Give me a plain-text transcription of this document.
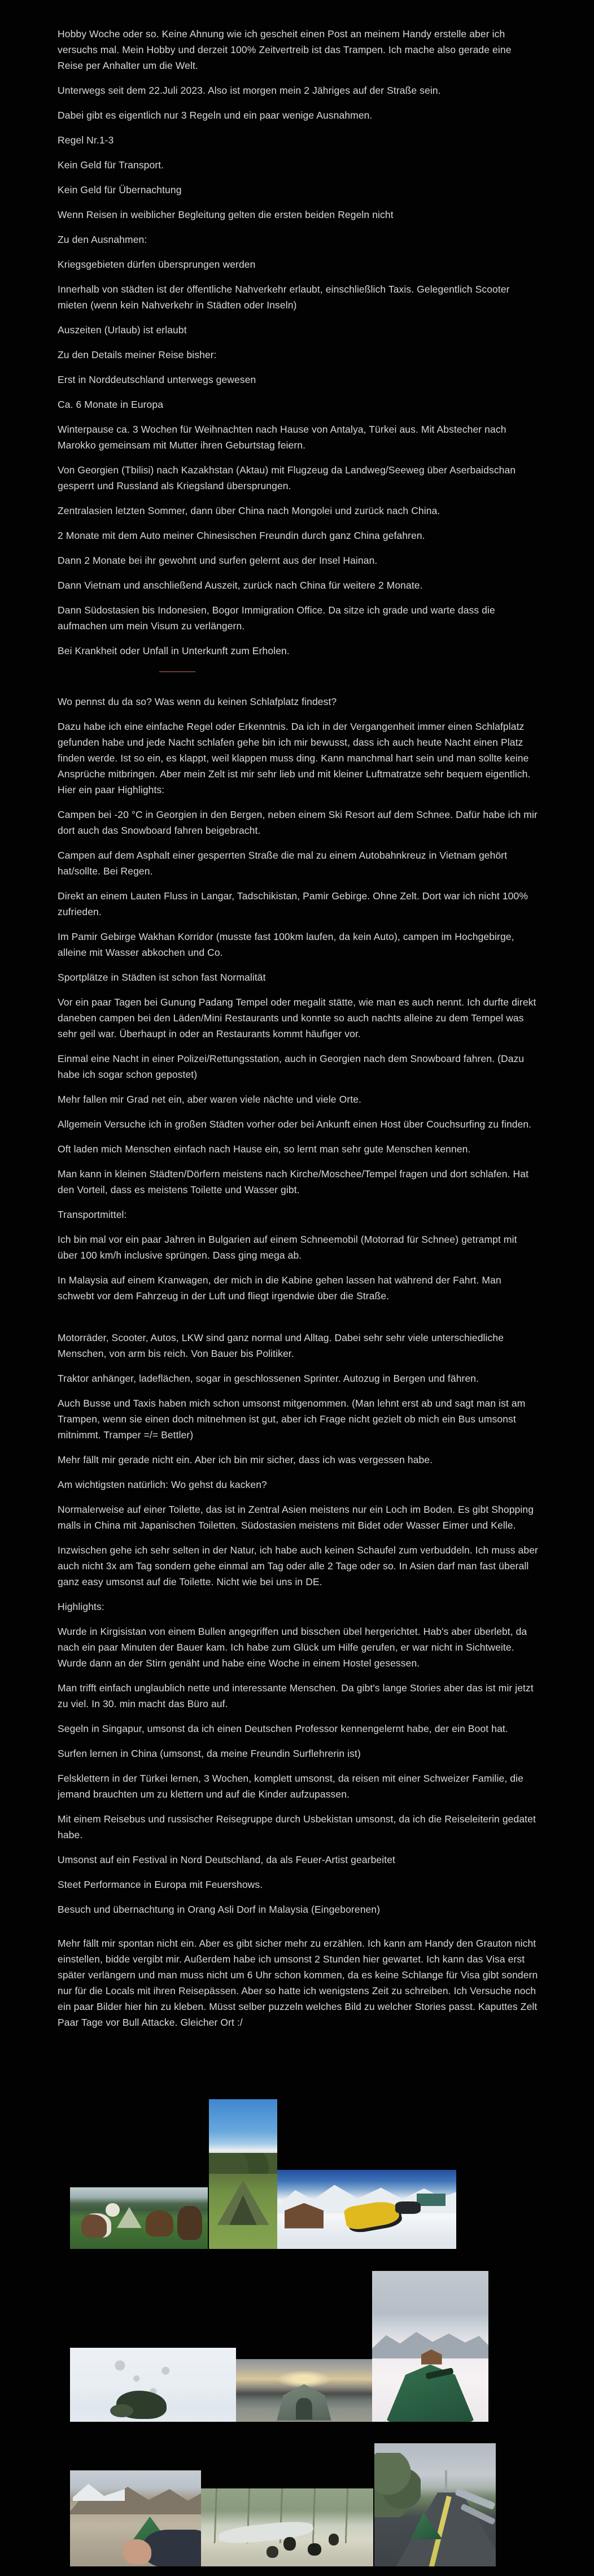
Hobby Woche oder so. Keine Ahnung wie ich gescheit einen Post an meinem Handy erstelle aber ich versuchs mal. Mein Hobby und derzeit 100% Zeitvertreib ist das Trampen. Ich mache also gerade eine Reise per Anhalter um die Welt.

Unterwegs seit dem 22.Juli 2023. Also ist morgen mein 2 Jähriges auf der Straße sein.

Dabei gibt es eigentlich nur 3 Regeln und ein paar wenige Ausnahmen.

Regel Nr.1-3

Kein Geld für Transport.

Kein Geld für Übernachtung

Wenn Reisen in weiblicher Begleitung gelten die ersten beiden Regeln nicht

Zu den Ausnahmen:

Kriegsgebieten dürfen übersprungen werden

Innerhalb von städten ist der öffentliche Nahverkehr erlaubt, einschließlich Taxis. Gelegentlich Scooter mieten (wenn kein Nahverkehr in Städten oder Inseln)

Auszeiten (Urlaub) ist erlaubt

Zu den Details meiner Reise bisher:

Erst in Norddeutschland unterwegs gewesen

Ca. 6 Monate in Europa

Winterpause ca. 3 Wochen für Weihnachten nach Hause von Antalya, Türkei aus. Mit Abstecher nach Marokko gemeinsam mit Mutter ihren Geburtstag feiern.

Von Georgien (Tbilisi) nach Kazakhstan (Aktau) mit Flugzeug da Landweg/Seeweg über Aserbaidschan gesperrt und Russland als Kriegsland übersprungen.

Zentralasien letzten Sommer, dann über China nach Mongolei und zurück nach China.

2 Monate mit dem Auto meiner Chinesischen Freundin durch ganz China gefahren.

Dann 2 Monate bei ihr gewohnt und surfen gelernt aus der Insel Hainan.

Dann Vietnam und anschließend Auszeit, zurück nach China für weitere 2 Monate.

Dann Südostasien bis Indonesien, Bogor Immigration Office. Da sitze ich grade und warte dass die aufmachen um mein Visum zu verlängern.

Bei Krankheit oder Unfall in Unterkunft zum Erholen.

Wo pennst du da so? Was wenn du keinen Schlafplatz findest?

Dazu habe ich eine einfache Regel oder Erkenntnis. Da ich in der Vergangenheit immer einen Schlafplatz gefunden habe und jede Nacht schlafen gehe bin ich mir bewusst, dass ich auch heute Nacht einen Platz finden werde. Ist so ein, es klappt, weil klappen muss ding. Kann manchmal hart sein und man sollte keine Ansprüche mitbringen. Aber mein Zelt ist mir sehr lieb und mit kleiner Luftmatratze sehr bequem eigentlich. Hier ein paar Highlights:

Campen bei -20 °C in Georgien in den Bergen, neben einem Ski Resort auf dem Schnee. Dafür habe ich mir dort auch das Snowboard fahren beigebracht.

Campen auf dem Asphalt einer gesperrten Straße die mal zu einem Autobahnkreuz in Vietnam gehört hat/sollte. Bei Regen.

Direkt an einem Lauten Fluss in Langar, Tadschikistan, Pamir Gebirge. Ohne Zelt. Dort war ich nicht 100% zufrieden.

Im Pamir Gebirge Wakhan Korridor (musste fast 100km laufen, da kein Auto), campen im Hochgebirge, alleine mit Wasser abkochen und Co.

Sportplätze in Städten ist schon fast Normalität

Vor ein paar Tagen bei Gunung Padang Tempel oder megalit stätte, wie man es auch nennt. Ich durfte direkt daneben campen bei den Läden/Mini Restaurants und konnte so auch nachts alleine zu dem Tempel was sehr geil war. Überhaupt in oder an Restaurants kommt häufiger vor.

Einmal eine Nacht in einer Polizei/Rettungsstation, auch in Georgien nach dem Snowboard fahren. (Dazu habe ich sogar schon gepostet)

Mehr fallen mir Grad net ein, aber waren viele nächte und viele Orte.

Allgemein Versuche ich in großen Städten vorher oder bei Ankunft einen Host über Couchsurfing zu finden.

Oft laden mich Menschen einfach nach Hause ein, so lernt man sehr gute Menschen kennen.

Man kann in kleinen Städten/Dörfern meistens nach Kirche/Moschee/Tempel fragen und dort schlafen. Hat den Vorteil, dass es meistens Toilette und Wasser gibt.

Transportmittel:

Ich bin mal vor ein paar Jahren in Bulgarien auf einem Schneemobil (Motorrad für Schnee) getrampt mit über 100 km/h inclusive sprüngen. Dass ging mega ab.

In Malaysia auf einem Kranwagen, der mich in die Kabine gehen lassen hat während der Fahrt. Man schwebt vor dem Fahrzeug in der Luft und fliegt irgendwie über die Straße.

Motorräder, Scooter, Autos, LKW sind ganz normal und Alltag. Dabei sehr sehr viele unterschiedliche Menschen, von arm bis reich. Von Bauer bis Politiker.

Traktor anhänger, ladeflächen, sogar in geschlossenen Sprinter. Autozug in Bergen und fähren.

Auch Busse und Taxis haben mich schon umsonst mitgenommen. (Man lehnt erst ab und sagt man ist am Trampen, wenn sie einen doch mitnehmen ist gut, aber ich Frage nicht gezielt ob mich ein Bus umsonst mitnimmt. Tramper =/= Bettler)

Mehr fällt mir gerade nicht ein. Aber ich bin mir sicher, dass ich was vergessen habe.

Am wichtigsten natürlich: Wo gehst du kacken?

Normalerweise auf einer Toilette, das ist in Zentral Asien meistens nur ein Loch im Boden. Es gibt Shopping malls in China mit Japanischen Toiletten. Südostasien meistens mit Bidet oder Wasser Eimer und Kelle.

Inzwischen gehe ich sehr selten in der Natur, ich habe auch keinen Schaufel zum verbuddeln. Ich muss aber auch nicht 3x am Tag sondern gehe einmal am Tag oder alle 2 Tage oder so. In Asien darf man fast überall ganz easy umsonst auf die Toilette. Nicht wie bei uns in DE.

Highlights:

Wurde in Kirgisistan von einem Bullen angegriffen und bisschen übel hergerichtet. Hab's aber überlebt, da nach ein paar Minuten der Bauer kam. Ich habe zum Glück um Hilfe gerufen, er war nicht in Sichtweite. Wurde dann an der Stirn genäht und habe eine Woche in einem Hostel gesessen.

Man trifft einfach unglaublich nette und interessante Menschen. Da gibt's lange Stories aber das ist mir jetzt zu viel. In 30. min macht das Büro auf.

Segeln in Singapur, umsonst da ich einen Deutschen Professor kennengelernt habe, der ein Boot hat.

Surfen lernen in China (umsonst, da meine Freundin Surflehrerin ist)

Felsklettern in der Türkei lernen, 3 Wochen, komplett umsonst, da reisen mit einer Schweizer Familie, die jemand brauchten um zu klettern und auf die Kinder aufzupassen.

Mit einem Reisebus und russischer Reisegruppe durch Usbekistan umsonst, da ich die Reiseleiterin gedatet habe.

Umsonst auf ein Festival in Nord Deutschland, da als Feuer-Artist gearbeitet

Steet Performance in Europa mit Feuershows.

Besuch und übernachtung in Orang Asli Dorf in Malaysia (Eingeborenen)

Mehr fällt mir spontan nicht ein. Aber es gibt sicher mehr zu erzählen. Ich kann am Handy den Grauton nicht einstellen, bidde vergibt mir. Außerdem habe ich umsonst 2 Stunden hier gewartet. Ich kann das Visa erst später verlängern und man muss nicht um 6 Uhr schon kommen, da es keine Schlange für Visa gibt sondern nur für die Locals mit ihren Reisepässen. Aber so hatte ich wenigstens Zeit zu schreiben. Ich Versuche noch ein paar Bilder hier hin zu kleben. Müsst selber puzzeln welches Bild zu welcher Stories passt. Kaputtes Zelt Paar Tage vor Bull Attacke. Gleicher Ort :/
